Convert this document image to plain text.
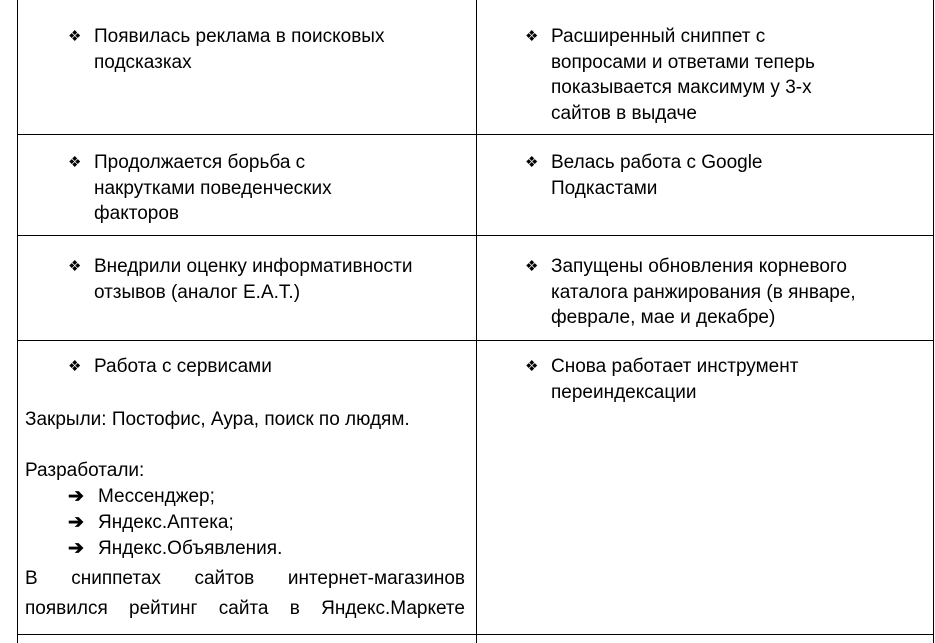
❖ Появилась реклама в поисковых подсказках
❖ Расширенный сниппет с вопросами и ответами теперь показывается максимум у 3-х сайтов в выдаче
❖ Продолжается борьба с накрутками поведенческих факторов
❖ Велась работа с Google Подкастами
❖ Внедрили оценку информативности отзывов (аналог E.A.T.)
❖ Запущены обновления корневого каталога ранжирования (в январе, феврале, мае и декабре)
❖ Работа с сервисами
Закрыли: Постофис, Аура, поиск по людям.
Разработали:
➔ Мессенджер;
➔ Яндекс.Аптека;
➔ Яндекс.Объявления.
В сниппетах сайтов интернет-магазинов
появился рейтинг сайта в Яндекс.Маркете
❖ Снова работает инструмент переиндексации
